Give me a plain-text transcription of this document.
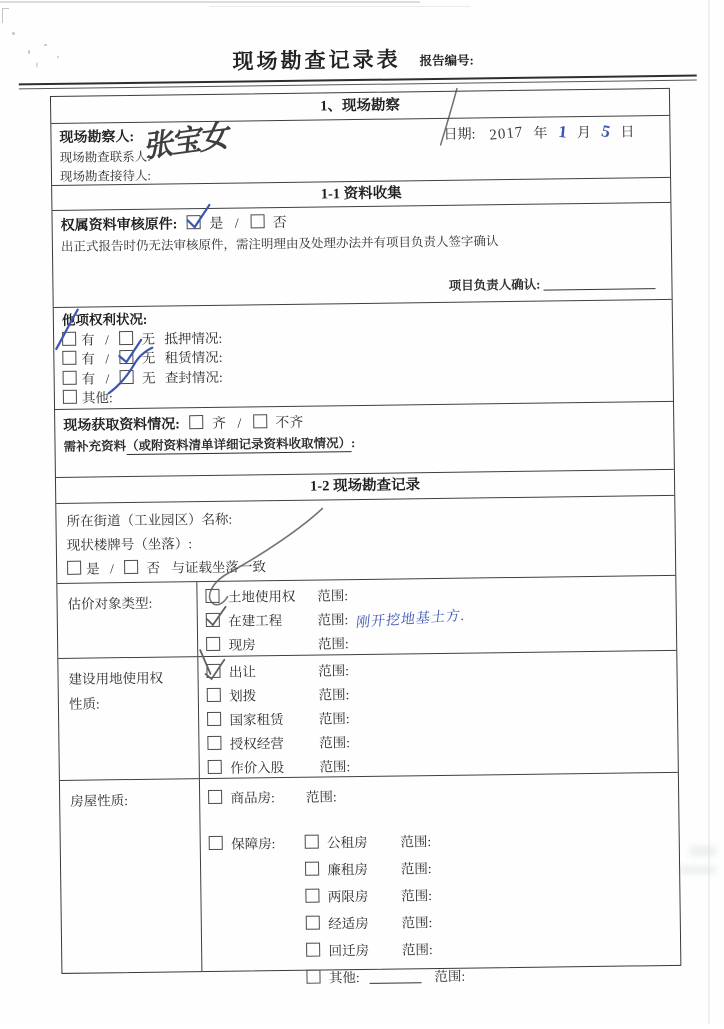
现场勘查记录表 报告编号:
1、现场勘察
日期: 2017 年 1 月 5 日
现场勘察人: 张宝女
现场勘查联系人:
现场勘查接待人:
1-1 资料收集
权属资料审核原件: 是 / 否
出正式报告时仍无法审核原件，需注明理由及处理办法并有项目负责人签字确认
项目负责人确认:
他项权利状况:
有 / 无 抵押情况:
有 / 无 租赁情况:
有 / 无 查封情况:
其他:
现场获取资料情况: 齐 / 不齐
需补充资料（或附资料清单详细记录资料收取情况）:
1-2 现场勘查记录
所在街道（工业园区）名称:
现状楼牌号（坐落）:
是 / 否 与证载坐落一致
估价对象类型:	土地使用权 范围:
在建工程	范围: 刚开挖地基土方.
现房	范围:
建设用地使用权
性质:
出让	范围:
划拨	范围:
国家租赁	范围:
授权经营	范围:
作价入股	范围:
房屋性质:	商品房: 范围:
保障房:	公租房 范围:
廉租房 范围:
两限房 范围:
经适房 范围:
回迁房 范围:
其他:	范围:
